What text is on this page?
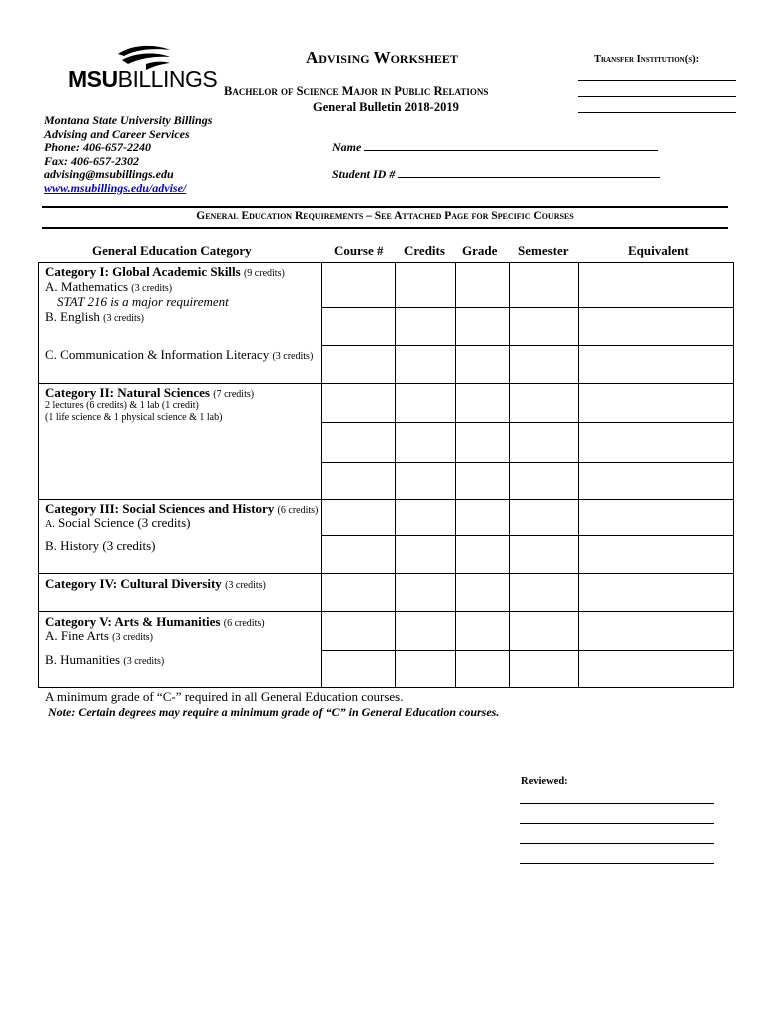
MSUBILLINGS
Advising Worksheet
Bachelor of Science Major in Public Relations
General Bulletin 2018-2019
Transfer Institution(s):
Montana State University Billings
Advising and Career Services
Phone: 406-657-2240
Fax: 406-657-2302
advising@msubillings.edu
www.msubillings.edu/advise/
Name
Student ID #
General Education Requirements – See Attached Page for Specific Courses
General Education Category	Course # Credits Grade Semester	Equivalent
Category I: Global Academic Skills (9 credits)
A. Mathematics (3 credits)
STAT 216 is a major requirement
B. English (3 credits)
C. Communication & Information Literacy (3 credits)
Category II: Natural Sciences (7 credits)
2 lectures (6 credits) & 1 lab (1 credit)
(1 life science & 1 physical science & 1 lab)
Category III: Social Sciences and History (6 credits)
A. Social Science (3 credits)
B. History (3 credits)
Category IV: Cultural Diversity (3 credits)
Category V: Arts & Humanities (6 credits)
A. Fine Arts (3 credits)
B. Humanities (3 credits)
A minimum grade of “C-” required in all General Education courses.
Note: Certain degrees may require a minimum grade of “C” in General Education courses.
Reviewed:
